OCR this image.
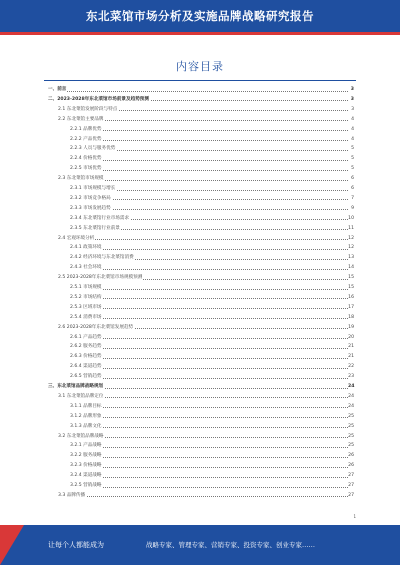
东北菜馆市场分析及实施品牌战略研究报告
内容目录
一、前言	3
二、2023-2028年东北菜馆市场前景及趋势预测	3
2.1 东北菜馆发展阶段与特点	3
2.2 东北菜馆主要品牌	4
2.2.1 品牌优势	4
2.2.2 产品优势	4
2.2.3 人员与服务优势	5
2.2.4 价格优势	5
2.2.5 市场优势	5
2.3 东北菜馆市场规模	6
2.3.1 市场规模与增长	6
2.3.2 市场竞争格局	7
2.3.3 市场发展趋势	9
2.3.4 东北菜馆行业市场需求	10
2.3.5 东北菜馆行业前景	11
2.4 宏观环境分析	12
2.4.1 政策环境	12
2.4.2 经济环境与东北菜馆消费	13
2.4.3 社会环境	14
2.5 2023-2028年东北菜馆市场规模预测	15
2.5.1 市场规模	15
2.5.2 市场结构	16
2.5.3 区域市场	17
2.5.4 消费市场	18
2.6 2023-2028年东北菜馆发展趋势	19
2.6.1 产品趋势	20
2.6.2 服务趋势	21
2.6.3 价格趋势	21
2.6.4 渠道趋势	22
2.6.5 营销趋势	23
三、东北菜馆品牌战略规划	24
3.1 东北菜馆品牌定位	24
3.1.1 品牌目标	24
3.1.2 品牌形象	25
3.1.3 品牌文化	25
3.2 东北菜馆品牌战略	25
3.2.1 产品战略	25
3.2.2 服务战略	26
3.2.3 价格战略	26
3.2.4 渠道战略	27
3.2.5 营销战略	27
3.3 品牌传播	27
1
让每个人都能成为	战略专家、管理专家、营销专家、投资专家、创业专家……
